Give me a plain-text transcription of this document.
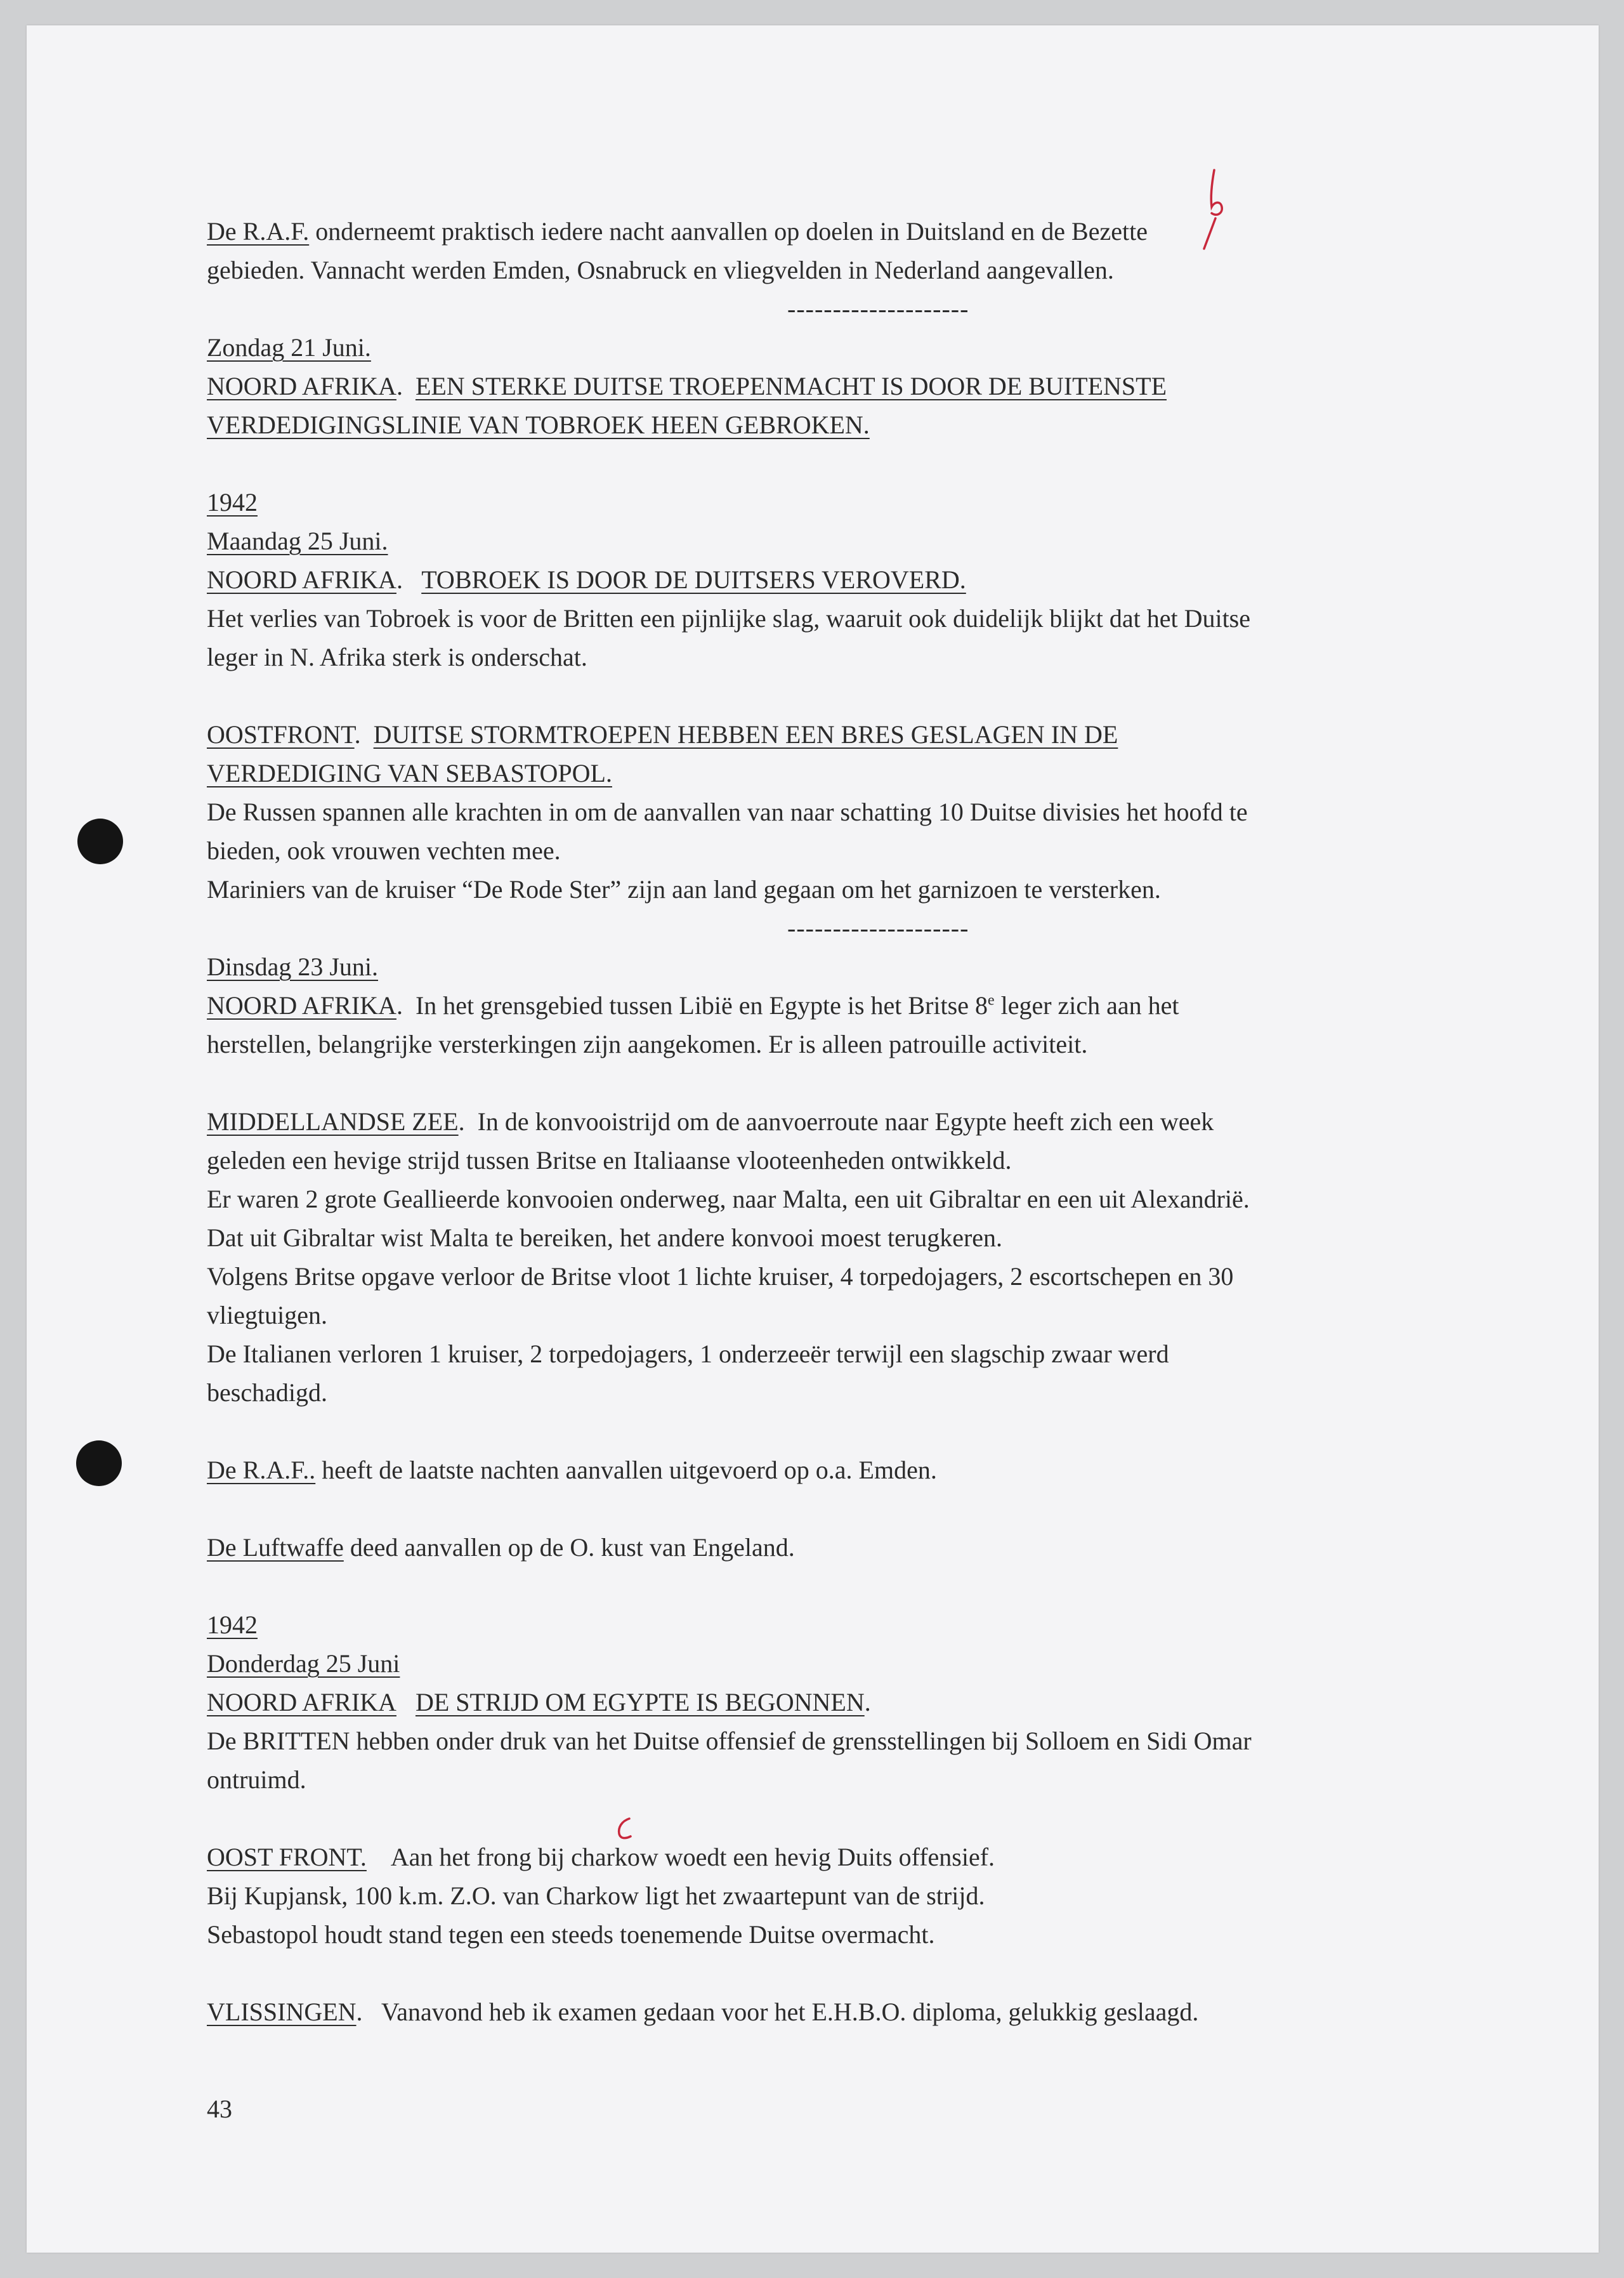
De R.A.F. onderneemt praktisch iedere nacht aanvallen op doelen in Duitsland en de Bezette

gebieden. Vannacht werden Emden, Osnabruck en vliegvelden in Nederland aangevallen.

--------------------

Zondag 21 Juni.

NOORD AFRIKA.  EEN STERKE DUITSE TROEPENMACHT IS DOOR DE BUITENSTE

VERDEDIGINGSLINIE VAN TOBROEK HEEN GEBROKEN.

1942

Maandag 25 Juni.

NOORD AFRIKA.   TOBROEK IS DOOR DE DUITSERS VEROVERD.

Het verlies van Tobroek is voor de Britten een pijnlijke slag, waaruit ook duidelijk blijkt dat het Duitse

leger in N. Afrika sterk is onderschat.

OOSTFRONT.  DUITSE STORMTROEPEN HEBBEN EEN BRES GESLAGEN IN DE

VERDEDIGING VAN SEBASTOPOL.

De Russen spannen alle krachten in om de aanvallen van naar schatting 10 Duitse divisies het hoofd te

bieden, ook vrouwen vechten mee.

Mariniers van de kruiser “De Rode Ster” zijn aan land gegaan om het garnizoen te versterken.

--------------------

Dinsdag 23 Juni.

NOORD AFRIKA.  In het grensgebied tussen Libië en Egypte is het Britse 8e leger zich aan het

herstellen, belangrijke versterkingen zijn aangekomen. Er is alleen patrouille activiteit.

MIDDELLANDSE ZEE.  In de konvooistrijd om de aanvoerroute naar Egypte heeft zich een week

geleden een hevige strijd tussen Britse en Italiaanse vlooteenheden ontwikkeld.

Er waren 2 grote Geallieerde konvooien onderweg, naar Malta, een uit Gibraltar en een uit Alexandrië.

Dat uit Gibraltar wist Malta te bereiken, het andere konvooi moest terugkeren.

Volgens Britse opgave verloor de Britse vloot 1 lichte kruiser, 4 torpedojagers, 2 escortschepen en 30

vliegtuigen.

De Italianen verloren 1 kruiser, 2 torpedojagers, 1 onderzeeër terwijl een slagschip zwaar werd

beschadigd.

De R.A.F.. heeft de laatste nachten aanvallen uitgevoerd op o.a. Emden.

De Luftwaffe deed aanvallen op de O. kust van Engeland.

1942

Donderdag 25 Juni

NOORD AFRIKA DE STRIJD OM EGYPTE IS BEGONNEN.

De BRITTEN hebben onder druk van het Duitse offensief de grensstellingen bij Solloem en Sidi Omar

ontruimd.

OOST FRONT. Aan het frong bij charkow woedt een hevig Duits offensief.

Bij Kupjansk, 100 k.m. Z.O. van Charkow ligt het zwaartepunt van de strijd.

Sebastopol houdt stand tegen een steeds toenemende Duitse overmacht.

VLISSINGEN.   Vanavond heb ik examen gedaan voor het E.H.B.O. diploma, gelukkig geslaagd.

43
